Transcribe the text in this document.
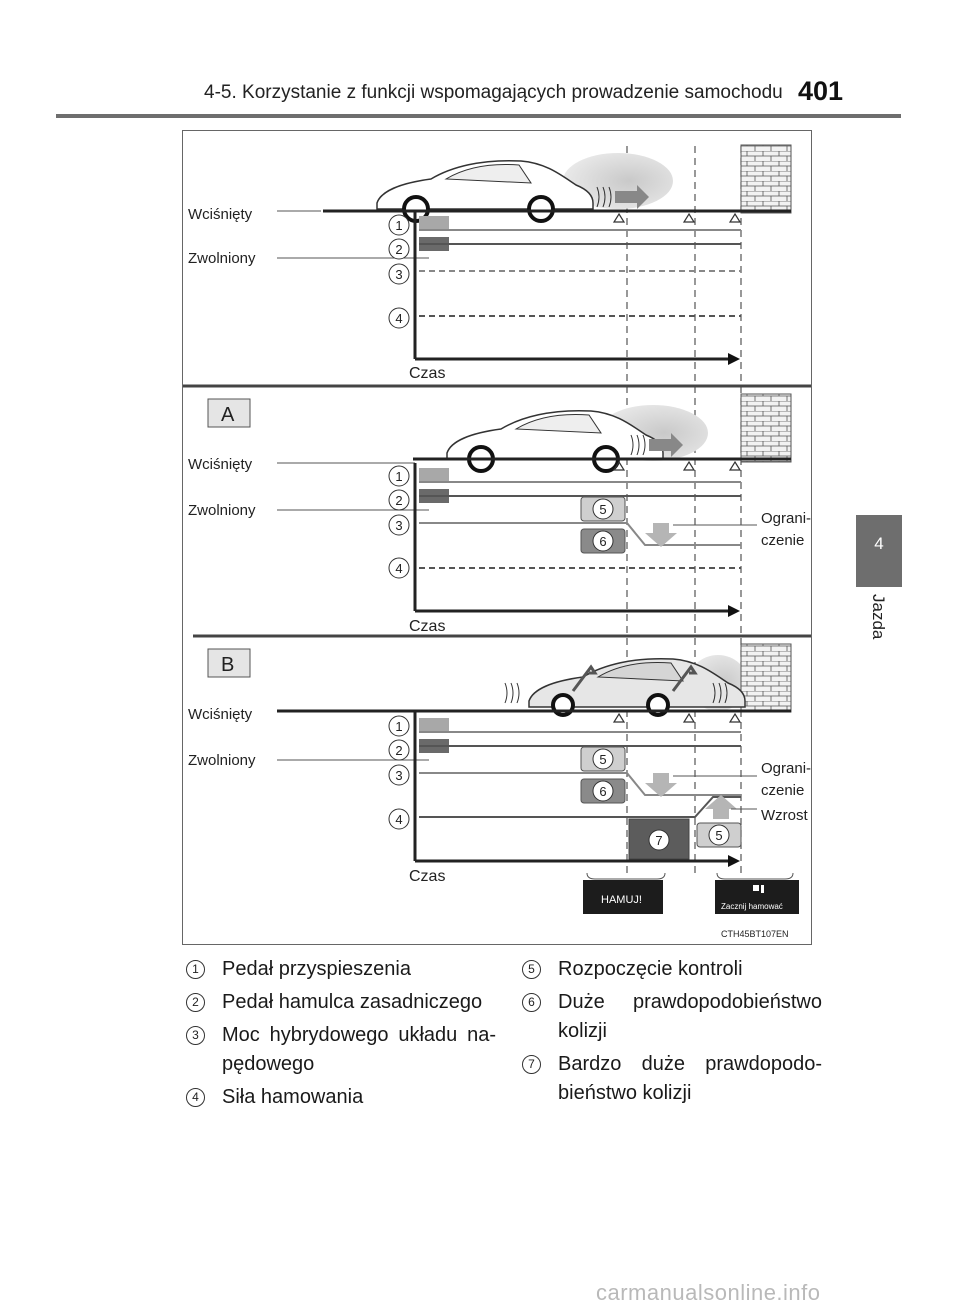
4-5. Korzystanie z funkcji wspomagających prowadzenie samochodu 401
4
Jazda
Wciśnięty
Zwolniony
Czas
Wciśnięty
Zwolniony
Czas
Ograni-
czenie
Wciśnięty
Zwolniony
Czas
Ograni-
czenie
Wzrost
A
B
HAMUJ!
Zacznij hamować
CTH45BT107EN
1
2
3
4
1
2
3
4
5
6
1
2
3
4
5
6
7	5
1	Pedał przyspieszenia
2	Pedał hamulca zasadniczego
3	Moc hybrydowego układu na-pędowego
4	Siła hamowania
5	Rozpoczęcie kontroli
6	Duże prawdopodobieństwo kolizji
7	Bardzo duże prawdopodo-bieństwo kolizji
carmanualsonline.info
